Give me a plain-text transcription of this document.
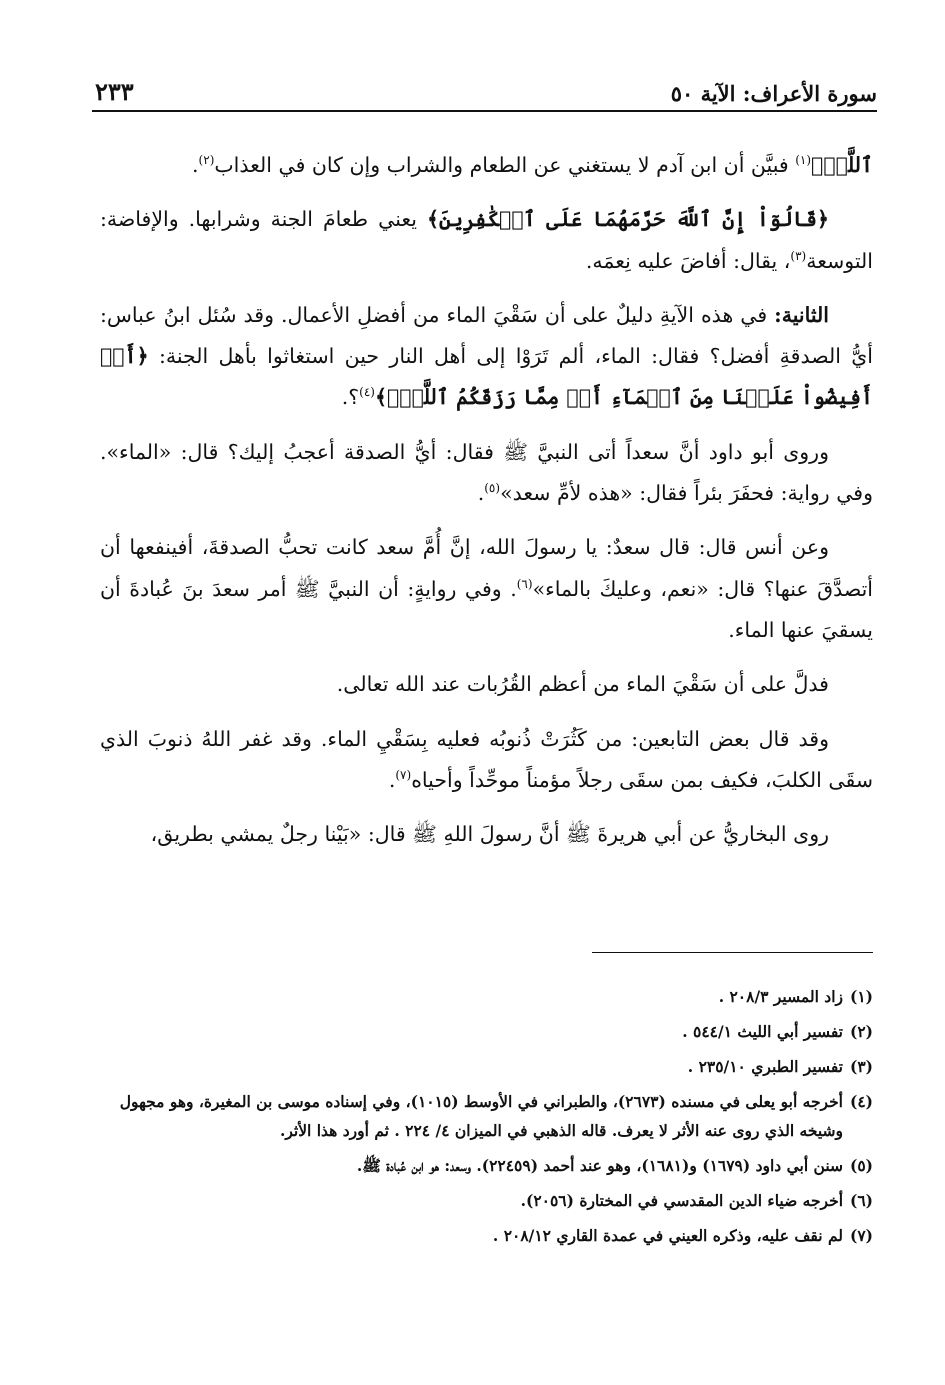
سورة الأعراف: الآية ٥٠
٢٣٣

ٱللَّهُۚ$^{(١)}$ فبيَّن أن ابن آدم لا يستغني عن الطعام والشراب وإن كان في العذاب$^{(٢)}$.

﴿قَالُوٓاْ إِنَّ ٱللَّهَ حَرَّمَهُمَا عَلَى ٱلۡكَٰفِرِينَ﴾ يعني طعامَ الجنة وشرابها. والإفاضة: التوسعة$^{(٣)}$، يقال: أفاضَ عليه نِعمَه.

الثانية: في هذه الآيةِ دليلٌ على أن سَقْيَ الماء من أفضلِ الأعمال. وقد سُئل ابنُ عباس: أيُّ الصدقةِ أفضل؟ فقال: الماء، ألم تَرَوْا إلى أهل النار حين استغاثوا بأهل الجنة: ﴿أَنۡ أَفِيضُواْ عَلَيۡنَا مِنَ ٱلۡمَآءِ أَوۡ مِمَّا رَزَقَكُمُ ٱللَّهُۚ﴾$^{(٤)}$؟.

وروى أبو داود أنَّ سعداً أتى النبيَّ ﷺ فقال: أيُّ الصدقة أعجبُ إليك؟ قال: «الماء». وفي رواية: فحفَرَ بئراً فقال: «هذه لأمِّ سعد»$^{(٥)}$.

وعن أنس قال: قال سعدٌ: يا رسولَ الله، إنَّ أُمَّ سعد كانت تحبُّ الصدقةَ، أفينفعها أن أتصدَّقَ عنها؟ قال: «نعم، وعليكَ بالماء»$^{(٦)}$. وفي روايةٍ: أن النبيَّ ﷺ أمر سعدَ بنَ عُبادةَ أن يسقيَ عنها الماء.

فدلَّ على أن سَقْيَ الماء من أعظم القُرُبات عند الله تعالى.

وقد قال بعض التابعين: من كَثُرَتْ ذُنوبُه فعليه بِسَقْيِ الماء. وقد غفر اللهُ ذنوبَ الذي سقَى الكلبَ، فكيف بمن سقَى رجلاً مؤمناً موحِّداً وأحياه$^{(٧)}$.

روى البخاريُّ عن أبي هريرةَ ﷺ أنَّ رسولَ اللهِ ﷺ قال: «بَيْنا رجلٌ يمشي بطريق،

(١)زاد المسير ٢٠٨/٣ .
(٢)تفسير أبي الليث ٥٤٤/١ .
(٣)تفسير الطبري ٢٣٥/١٠ .
(٤)أخرجه أبو يعلى في مسنده (٢٦٧٣)، والطبراني في الأوسط (١٠١٥)، وفي إسناده موسى بن المغيرة، وهو مجهول وشيخه الذي روى عنه الأثر لا يعرف. قاله الذهبي في الميزان ٤/ ٢٢٤ . ثم أورد هذا الأثر.
(٥)سنن أبي داود (١٦٧٩) و(١٦٨١)، وهو عند أحمد (٢٢٤٥٩). وسعد: هو ابن عُبادة ﷺ.
(٦)أخرجه ضياء الدين المقدسي في المختارة (٢٠٥٦).
(٧)لم نقف عليه، وذكره العيني في عمدة القاري ٢٠٨/١٢ .
